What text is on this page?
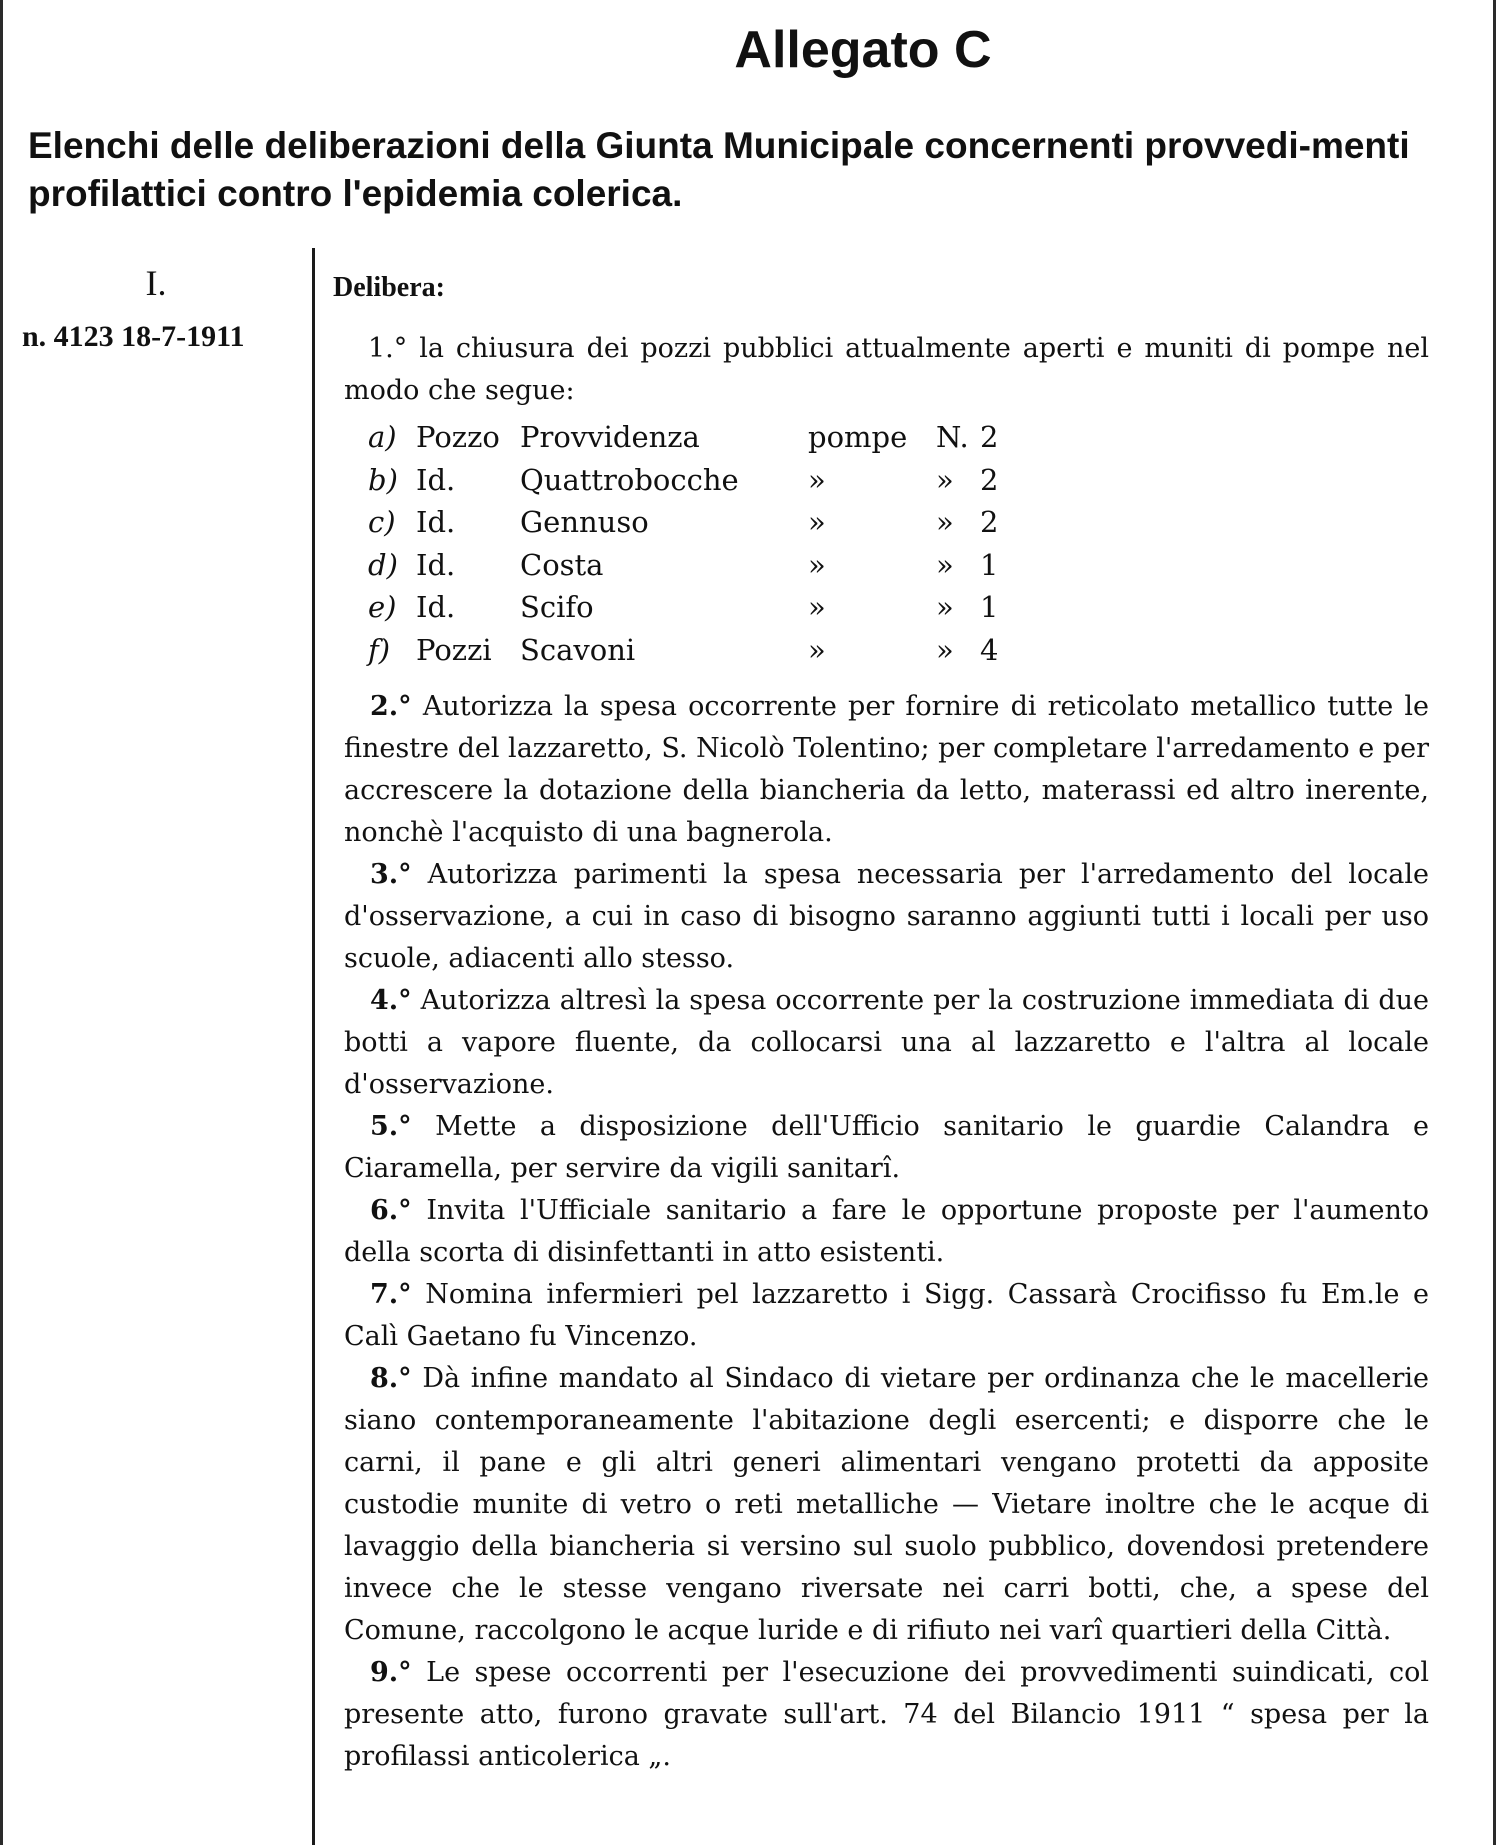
Allegato C
Elenchi delle deliberazioni della Giunta Municipale concernenti provvedi-menti profilattici contro l'epidemia colerica.
I.
n. 4123 18-7-1911
Delibera:
1.° la chiusura dei pozzi pubblici attualmente aperti e muniti di pompe nel modo che segue:
a) Pozzo Provvidenza	pompe N. 2
b) Id. Quattrobocche »	» 2
c) Id. Gennuso	»	» 2
d) Id. Costa	»	» 1
e) Id. Scifo	»	» 1
f) Pozzi Scavoni	»	» 4

2.° Autorizza la spesa occorrente per fornire di reticolato metallico tutte le finestre del lazzaretto, S. Nicolò Tolentino; per completare l'arredamento e per accrescere la dotazione della biancheria da letto, materassi ed altro inerente, nonchè l'acquisto di una bagnerola.

3.° Autorizza parimenti la spesa necessaria per l'arredamento del locale d'osservazione, a cui in caso di bisogno saranno aggiunti tutti i locali per uso scuole, adiacenti allo stesso.

4.° Autorizza altresì la spesa occorrente per la costruzione immediata di due botti a vapore fluente, da collocarsi una al lazzaretto e l'altra al locale d'osservazione.

5.° Mette a disposizione dell'Ufficio sanitario le guardie Calandra e Ciaramella, per servire da vigili sanitarî.

6.° Invita l'Ufficiale sanitario a fare le opportune proposte per l'aumento della scorta di disinfettanti in atto esistenti.

7.° Nomina infermieri pel lazzaretto i Sigg. Cassarà Crocifisso fu Em.le e Calì Gaetano fu Vincenzo.

8.° Dà infine mandato al Sindaco di vietare per ordinanza che le macellerie siano contemporaneamente l'abitazione degli esercenti; e disporre che le carni, il pane e gli altri generi alimentari vengano protetti da apposite custodie munite di vetro o reti metalliche — Vietare inoltre che le acque di lavaggio della biancheria si versino sul suolo pubblico, dovendosi pretendere invece che le stesse vengano riversate nei carri botti, che, a spese del Comune, raccolgono le acque luride e di rifiuto nei varî quartieri della Città.

9.° Le spese occorrenti per l'esecuzione dei provvedimenti suindicati, col presente atto, furono gravate sull'art. 74 del Bilancio 1911 “ spesa per la profilassi anticolerica „.
